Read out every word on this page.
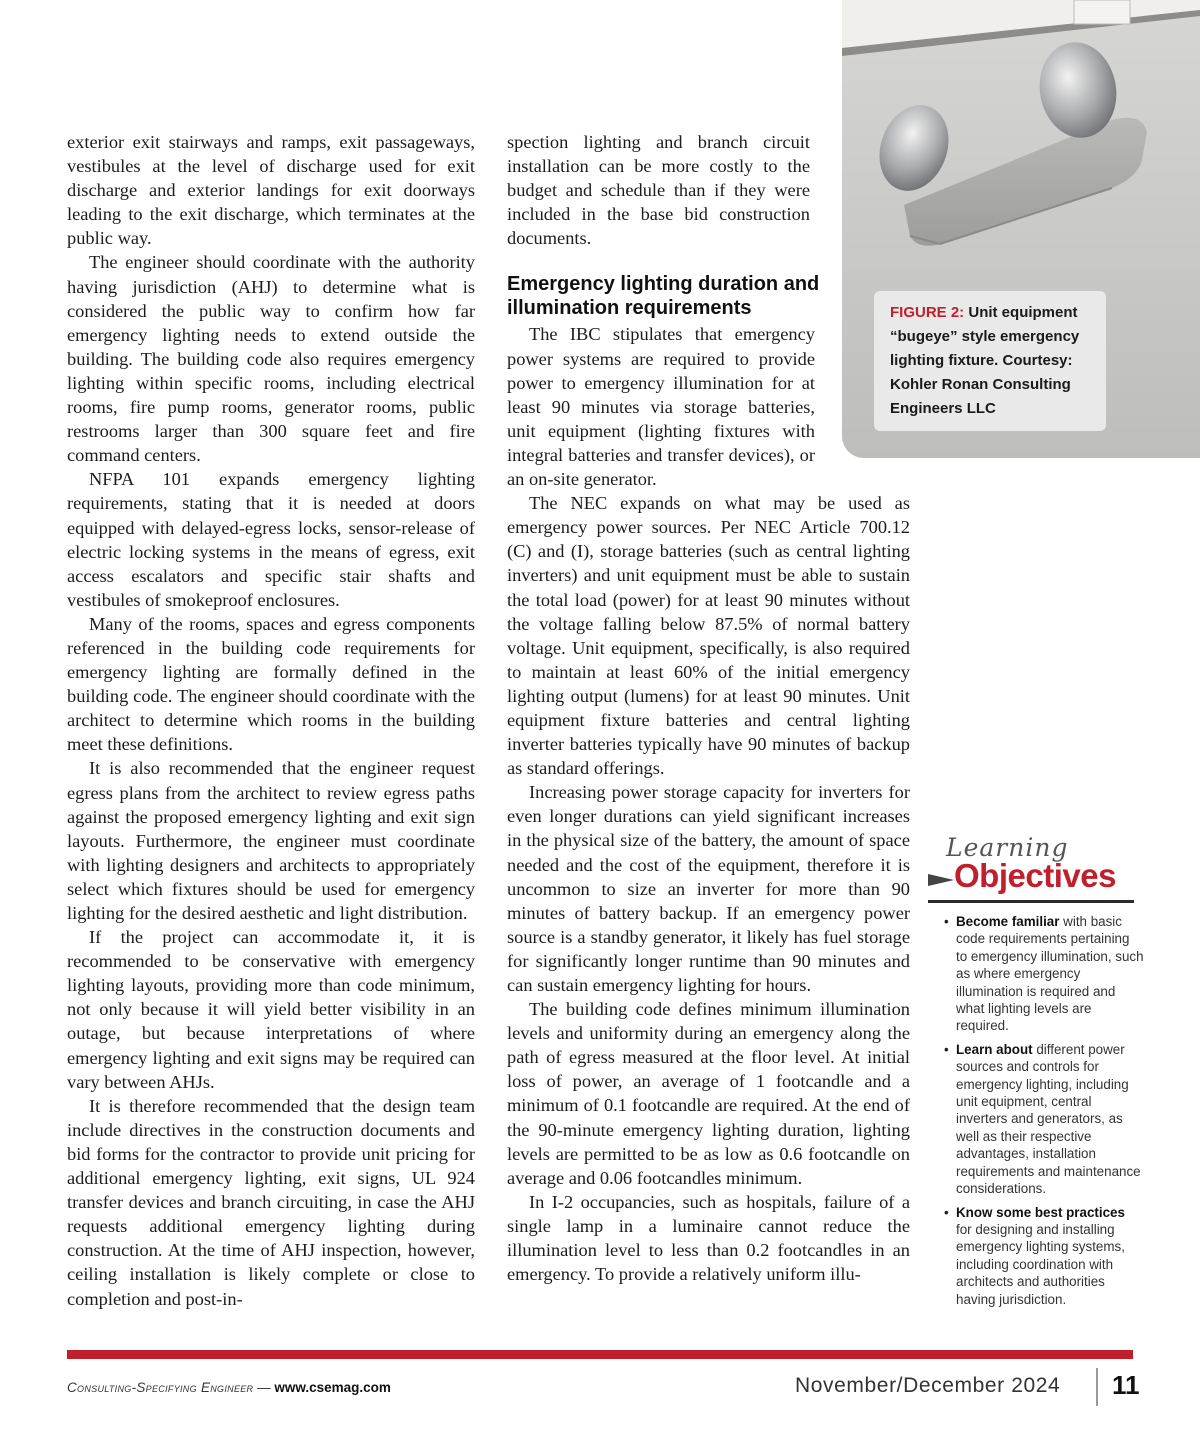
exterior exit stairways and ramps, exit passageways, vestibules at the level of discharge used for exit discharge and exterior landings for exit doorways leading to the exit discharge, which terminates at the public way.

The engineer should coordinate with the authority having jurisdiction (AHJ) to determine what is considered the public way to confirm how far emergency lighting needs to extend outside the building. The building code also requires emergency lighting within specific rooms, including electrical rooms, fire pump rooms, generator rooms, public restrooms larger than 300 square feet and fire command centers.

NFPA 101 expands emergency lighting requirements, stating that it is needed at doors equipped with delayed-egress locks, sensor-release of electric locking systems in the means of egress, exit access escalators and specific stair shafts and vestibules of smokeproof enclosures.

Many of the rooms, spaces and egress components referenced in the building code requirements for emergency lighting are formally defined in the building code. The engineer should coordinate with the architect to determine which rooms in the building meet these definitions.

It is also recommended that the engineer request egress plans from the architect to review egress paths against the proposed emergency lighting and exit sign layouts. Furthermore, the engineer must coordinate with lighting designers and architects to appropriately select which fixtures should be used for emergency lighting for the desired aesthetic and light distribution.

If the project can accommodate it, it is recommended to be conservative with emergency lighting layouts, providing more than code minimum, not only because it will yield better visibility in an outage, but because interpretations of where emergency lighting and exit signs may be required can vary between AHJs.

It is therefore recommended that the design team include directives in the construction documents and bid forms for the contractor to provide unit pricing for additional emergency lighting, exit signs, UL 924 transfer devices and branch circuiting, in case the AHJ requests additional emergency lighting during construction. At the time of AHJ inspection, however, ceiling installation is likely complete or close to completion and post-in-

spection lighting and branch circuit installation can be more costly to the budget and schedule than if they were included in the base bid construction documents.

Emergency lighting duration and illumination requirements

The IBC stipulates that emergency power systems are required to provide power to emergency illumination for at least 90 minutes via storage batteries, unit equipment (lighting fixtures with integral batteries and transfer devices), or an on-site generator.

The NEC expands on what may be used as emergency power sources. Per NEC Article 700.12 (C) and (I), storage batteries (such as central lighting inverters) and unit equipment must be able to sustain the total load (power) for at least 90 minutes without the voltage falling below 87.5% of normal battery voltage. Unit equipment, specifically, is also required to maintain at least 60% of the initial emergency lighting output (lumens) for at least 90 minutes. Unit equipment fixture batteries and central lighting inverter batteries typically have 90 minutes of backup as standard offerings.

Increasing power storage capacity for inverters for even longer durations can yield significant increases in the physical size of the battery, the amount of space needed and the cost of the equipment, therefore it is uncommon to size an inverter for more than 90 minutes of battery backup. If an emergency power source is a standby generator, it likely has fuel storage for significantly longer runtime than 90 minutes and can sustain emergency lighting for hours.

The building code defines minimum illumination levels and uniformity during an emergency along the path of egress measured at the floor level. At initial loss of power, an average of 1 footcandle and a minimum of 0.1 footcandle are required. At the end of the 90-minute emergency lighting duration, lighting levels are permitted to be as low as 0.6 footcandle on average and 0.06 footcandles minimum.

In I-2 occupancies, such as hospitals, failure of a single lamp in a luminaire cannot reduce the illumination level to less than 0.2 footcandles in an emergency. To provide a relatively uniform illu-

FIGURE 2: Unit equipment “bugeye” style emergency lighting fixture. Courtesy: Kohler Ronan Consulting Engineers LLC
Learning
Objectives
• Become familiar with basic code requirements pertaining to emergency illumination, such as where emergency illumination is required and what lighting levels are required.
• Learn about different power sources and controls for emergency lighting, including unit equipment, central inverters and generators, as well as their respective advantages, installation requirements and maintenance considerations.
• Know some best practices for designing and installing emergency lighting systems, including coordination with architects and authorities having jurisdiction.
Consulting-Specifying Engineer — www.csemag.com	November/December 2024 11
